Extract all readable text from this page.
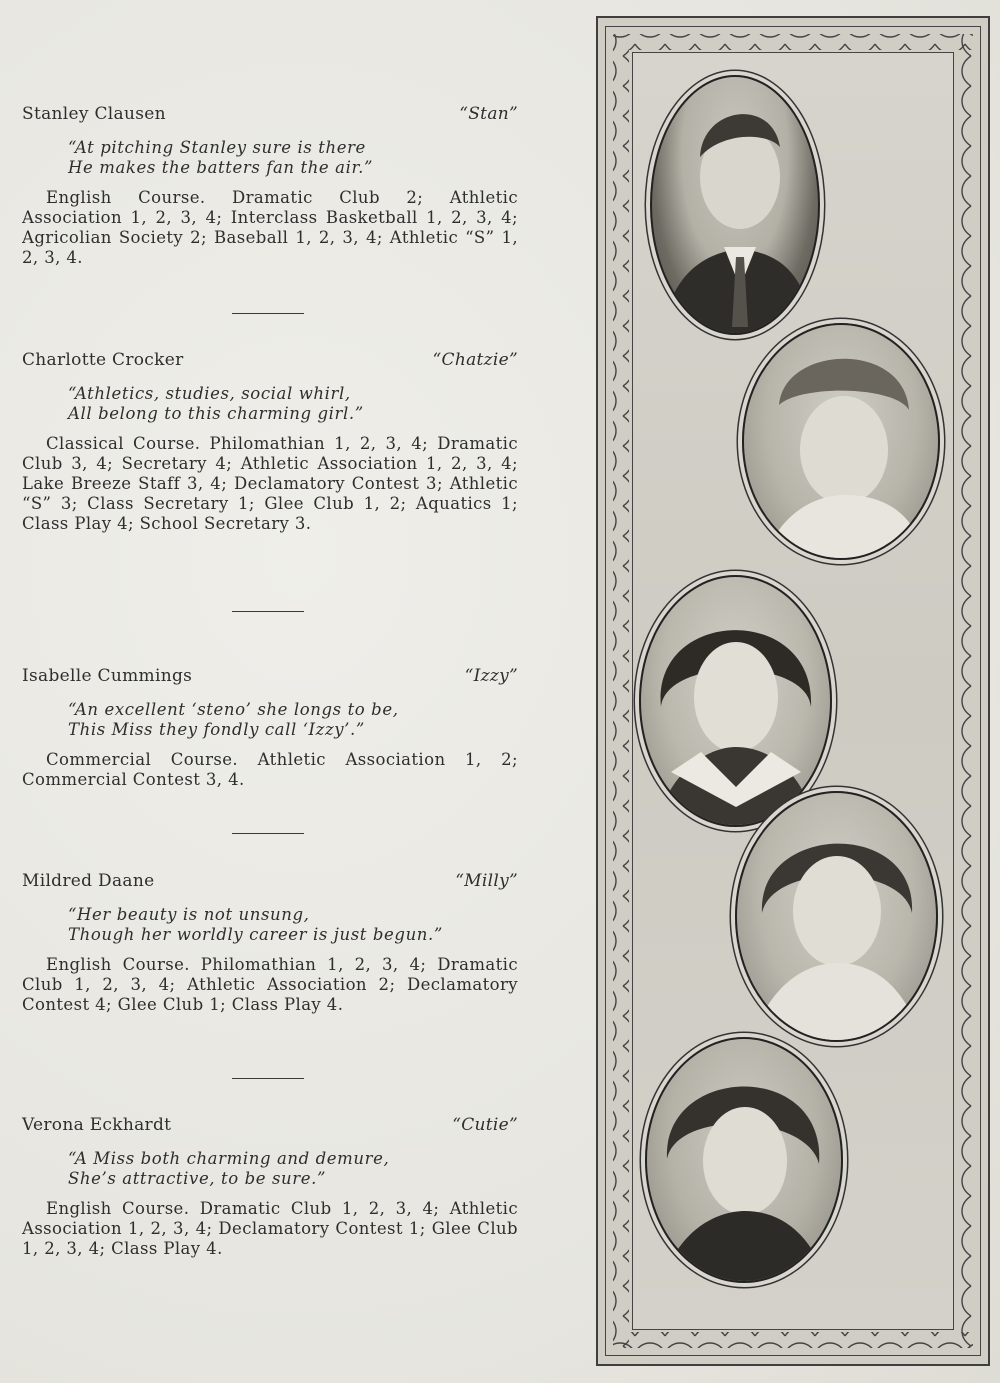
Stanley Clausen	“Stan”
“At pitching Stanley sure is there
He makes the batters fan the air.”
English Course. Dramatic Club 2; Athletic Association 1, 2, 3, 4; Interclass Basketball 1, 2, 3, 4; Agricolian Society 2; Baseball 1, 2, 3, 4; Athletic “S” 1, 2, 3, 4.
Charlotte Crocker	“Chatzie”
“Athletics, studies, social whirl,
All belong to this charming girl.”
Classical Course. Philomathian 1, 2, 3, 4; Dramatic Club 3, 4; Secretary 4; Athletic Association 1, 2, 3, 4; Lake Breeze Staff 3, 4; Declamatory Contest 3; Athletic “S” 3; Class Secretary 1; Glee Club 1, 2; Aquatics 1; Class Play 4; School Secretary 3.
Isabelle Cummings	“Izzy”
“An excellent ‘steno’ she longs to be,
This Miss they fondly call ‘Izzy’.”
Commercial Course. Athletic Association 1, 2; Commercial Contest 3, 4.
Mildred Daane	“Milly”
“Her beauty is not unsung,
Though her worldly career is just begun.”
English Course. Philomathian 1, 2, 3, 4; Dramatic Club 1, 2, 3, 4; Athletic Association 2; Declamatory Contest 4; Glee Club 1; Class Play 4.
Verona Eckhardt	“Cutie”
“A Miss both charming and demure,
She’s attractive, to be sure.”
English Course. Dramatic Club 1, 2, 3, 4; Athletic Association 1, 2, 3, 4; Declamatory Contest 1; Glee Club 1, 2, 3, 4; Class Play 4.
